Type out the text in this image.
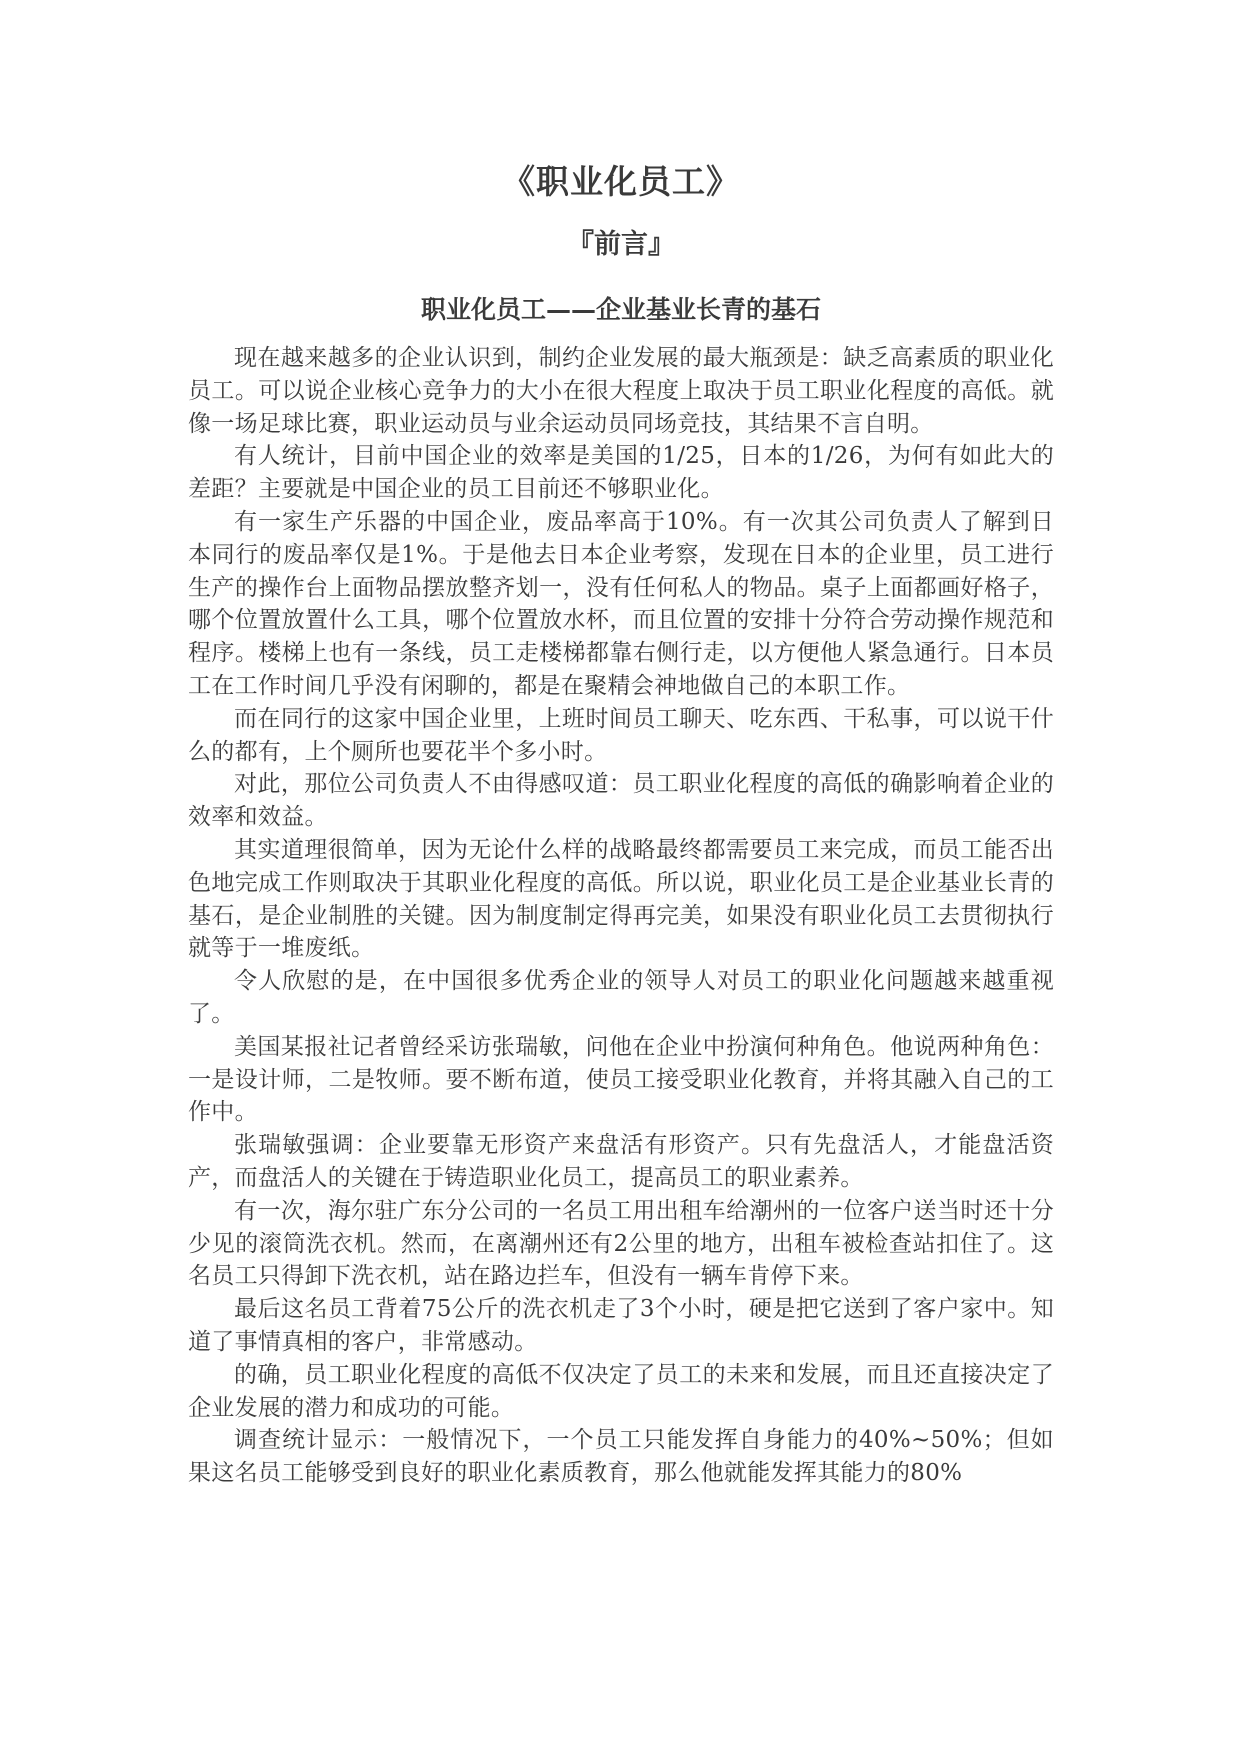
《职业化员工》
『前言』
职业化员工——企业基业长青的基石

现在越来越多的企业认识到，制约企业发展的最大瓶颈是：缺乏高素质的职业化员工。可以说企业核心竞争力的大小在很大程度上取决于员工职业化程度的高低。就像一场足球比赛，职业运动员与业余运动员同场竞技，其结果不言自明。

有人统计，目前中国企业的效率是美国的1/25，日本的1/26，为何有如此大的差距？主要就是中国企业的员工目前还不够职业化。

有一家生产乐器的中国企业，废品率高于10%。有一次其公司负责人了解到日本同行的废品率仅是1%。于是他去日本企业考察，发现在日本的企业里，员工进行生产的操作台上面物品摆放整齐划一，没有任何私人的物品。桌子上面都画好格子，哪个位置放置什么工具，哪个位置放水杯，而且位置的安排十分符合劳动操作规范和程序。楼梯上也有一条线，员工走楼梯都靠右侧行走，以方便他人紧急通行。日本员工在工作时间几乎没有闲聊的，都是在聚精会神地做自己的本职工作。

而在同行的这家中国企业里，上班时间员工聊天、吃东西、干私事，可以说干什么的都有，上个厕所也要花半个多小时。

对此，那位公司负责人不由得感叹道：员工职业化程度的高低的确影响着企业的效率和效益。

其实道理很简单，因为无论什么样的战略最终都需要员工来完成，而员工能否出色地完成工作则取决于其职业化程度的高低。所以说，职业化员工是企业基业长青的基石，是企业制胜的关键。因为制度制定得再完美，如果没有职业化员工去贯彻执行就等于一堆废纸。

令人欣慰的是，在中国很多优秀企业的领导人对员工的职业化问题越来越重视了。

美国某报社记者曾经采访张瑞敏，问他在企业中扮演何种角色。他说两种角色：一是设计师，二是牧师。要不断布道，使员工接受职业化教育，并将其融入自己的工作中。

张瑞敏强调：企业要靠无形资产来盘活有形资产。只有先盘活人，才能盘活资产，而盘活人的关键在于铸造职业化员工，提高员工的职业素养。

有一次，海尔驻广东分公司的一名员工用出租车给潮州的一位客户送当时还十分少见的滚筒洗衣机。然而，在离潮州还有2公里的地方，出租车被检查站扣住了。这名员工只得卸下洗衣机，站在路边拦车，但没有一辆车肯停下来。

最后这名员工背着75公斤的洗衣机走了3个小时，硬是把它送到了客户家中。知道了事情真相的客户，非常感动。

的确，员工职业化程度的高低不仅决定了员工的未来和发展，而且还直接决定了企业发展的潜力和成功的可能。

调查统计显示：一般情况下，一个员工只能发挥自身能力的40%~50%；但如果这名员工能够受到良好的职业化素质教育，那么他就能发挥其能力的80%
